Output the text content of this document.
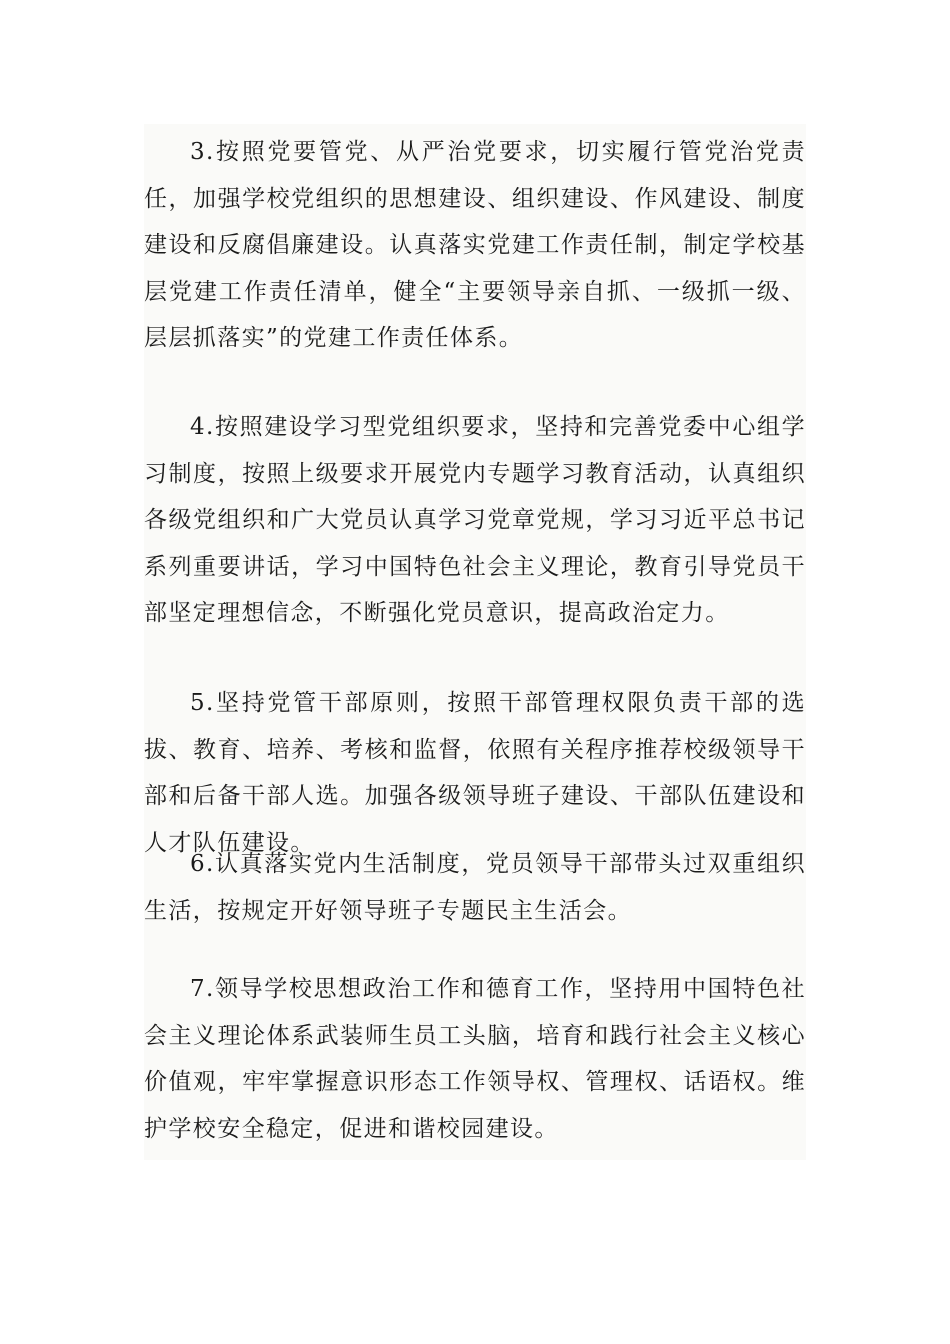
3.按照党要管党、从严治党要求，切实履行管党治党责任，加强学校党组织的思想建设、组织建设、作风建设、制度建设和反腐倡廉建设。认真落实党建工作责任制，制定学校基层党建工作责任清单，健全“主要领导亲自抓、一级抓一级、层层抓落实”的党建工作责任体系。

4.按照建设学习型党组织要求，坚持和完善党委中心组学习制度，按照上级要求开展党内专题学习教育活动，认真组织各级党组织和广大党员认真学习党章党规，学习习近平总书记系列重要讲话，学习中国特色社会主义理论，教育引导党员干部坚定理想信念，不断强化党员意识，提高政治定力。

5.坚持党管干部原则，按照干部管理权限负责干部的选拔、教育、培养、考核和监督，依照有关程序推荐校级领导干部和后备干部人选。加强各级领导班子建设、干部队伍建设和人才队伍建设。

6.认真落实党内生活制度，党员领导干部带头过双重组织生活，按规定开好领导班子专题民主生活会。

7.领导学校思想政治工作和德育工作，坚持用中国特色社会主义理论体系武装师生员工头脑，培育和践行社会主义核心价值观，牢牢掌握意识形态工作领导权、管理权、话语权。维护学校安全稳定，促进和谐校园建设。
